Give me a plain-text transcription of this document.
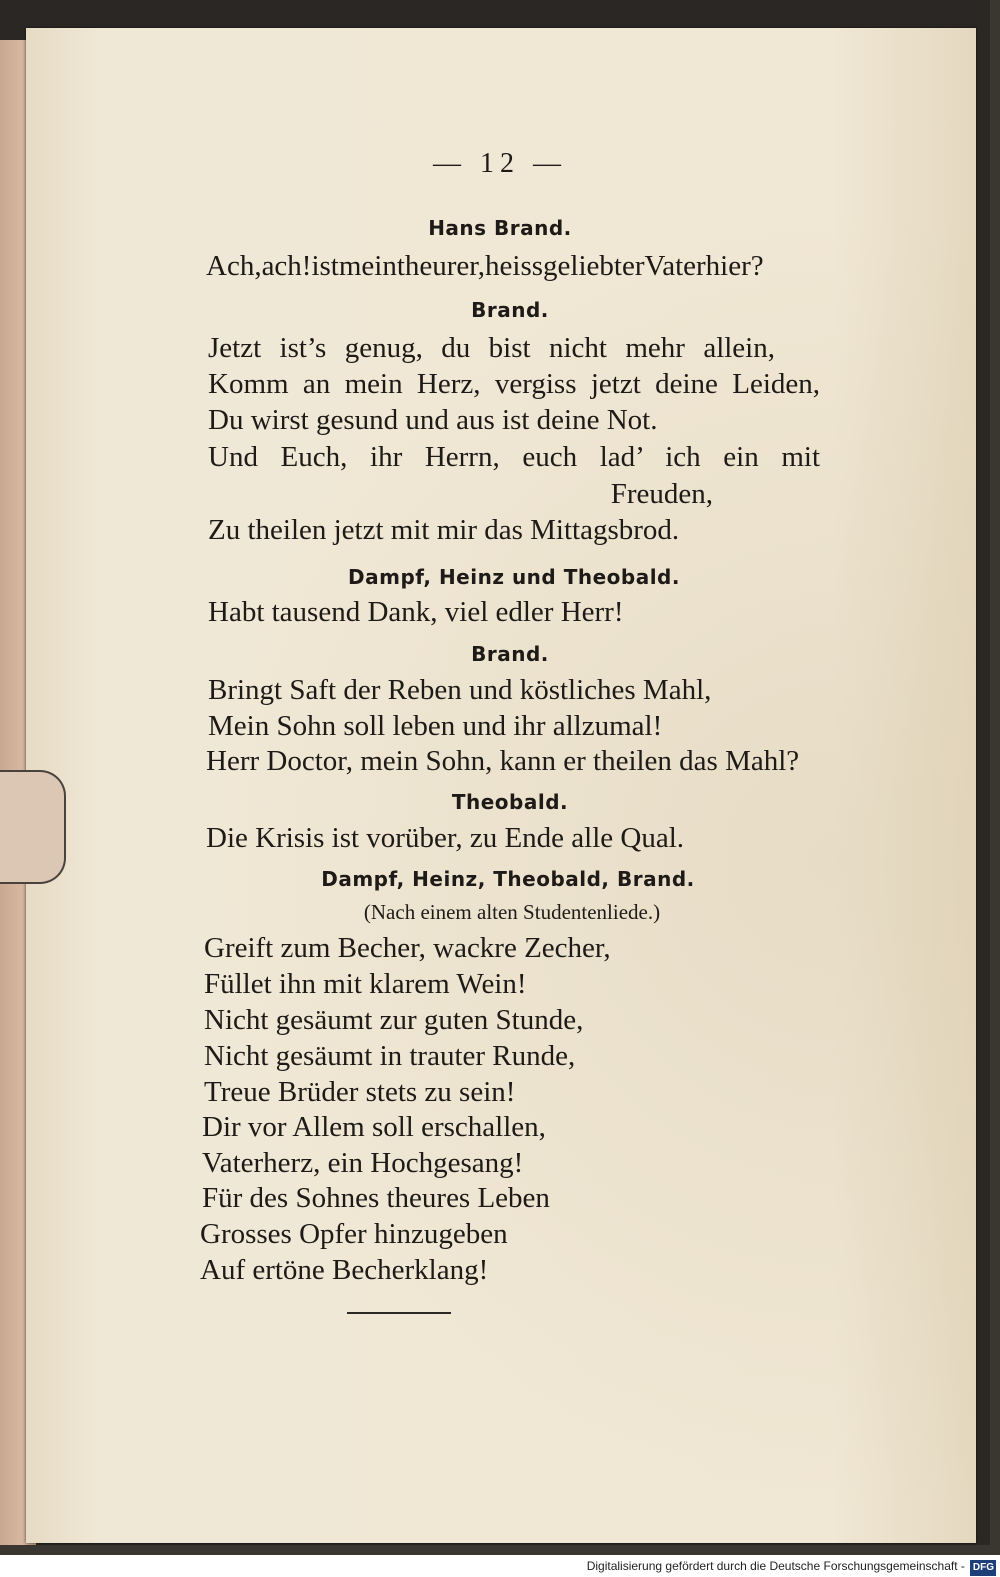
— 12 —
Hans Brand.
Ach,ach!istmeintheurer,heissgeliebterVaterhier?
Brand.
Jetzt ist’s genug, du bist nicht mehr allein,
Komm an mein Herz, vergiss jetzt deine Leiden,
Du wirst gesund und aus ist deine Not.
Und Euch, ihr Herrn, euch lad’ ich ein mit
Freuden,
Zu theilen jetzt mit mir das Mittagsbrod.
Dampf, Heinz und Theobald.
Habt tausend Dank, viel edler Herr!
Brand.
Bringt Saft der Reben und köstliches Mahl,
Mein Sohn soll leben und ihr allzumal!
Herr Doctor, mein Sohn, kann er theilen das Mahl?
Theobald.
Die Krisis ist vorüber, zu Ende alle Qual.
Dampf, Heinz, Theobald, Brand.
(Nach einem alten Studentenliede.)
Greift zum Becher, wackre Zecher,
Füllet ihn mit klarem Wein!
Nicht gesäumt zur guten Stunde,
Nicht gesäumt in trauter Runde,
Treue Brüder stets zu sein!
Dir vor Allem soll erschallen,
Vaterherz, ein Hochgesang!
Für des Sohnes theures Leben
Grosses Opfer hinzugeben
Auf ertöne Becherklang!
Digitalisierung gefördert durch die Deutsche Forschungsgemeinschaft - DFG
